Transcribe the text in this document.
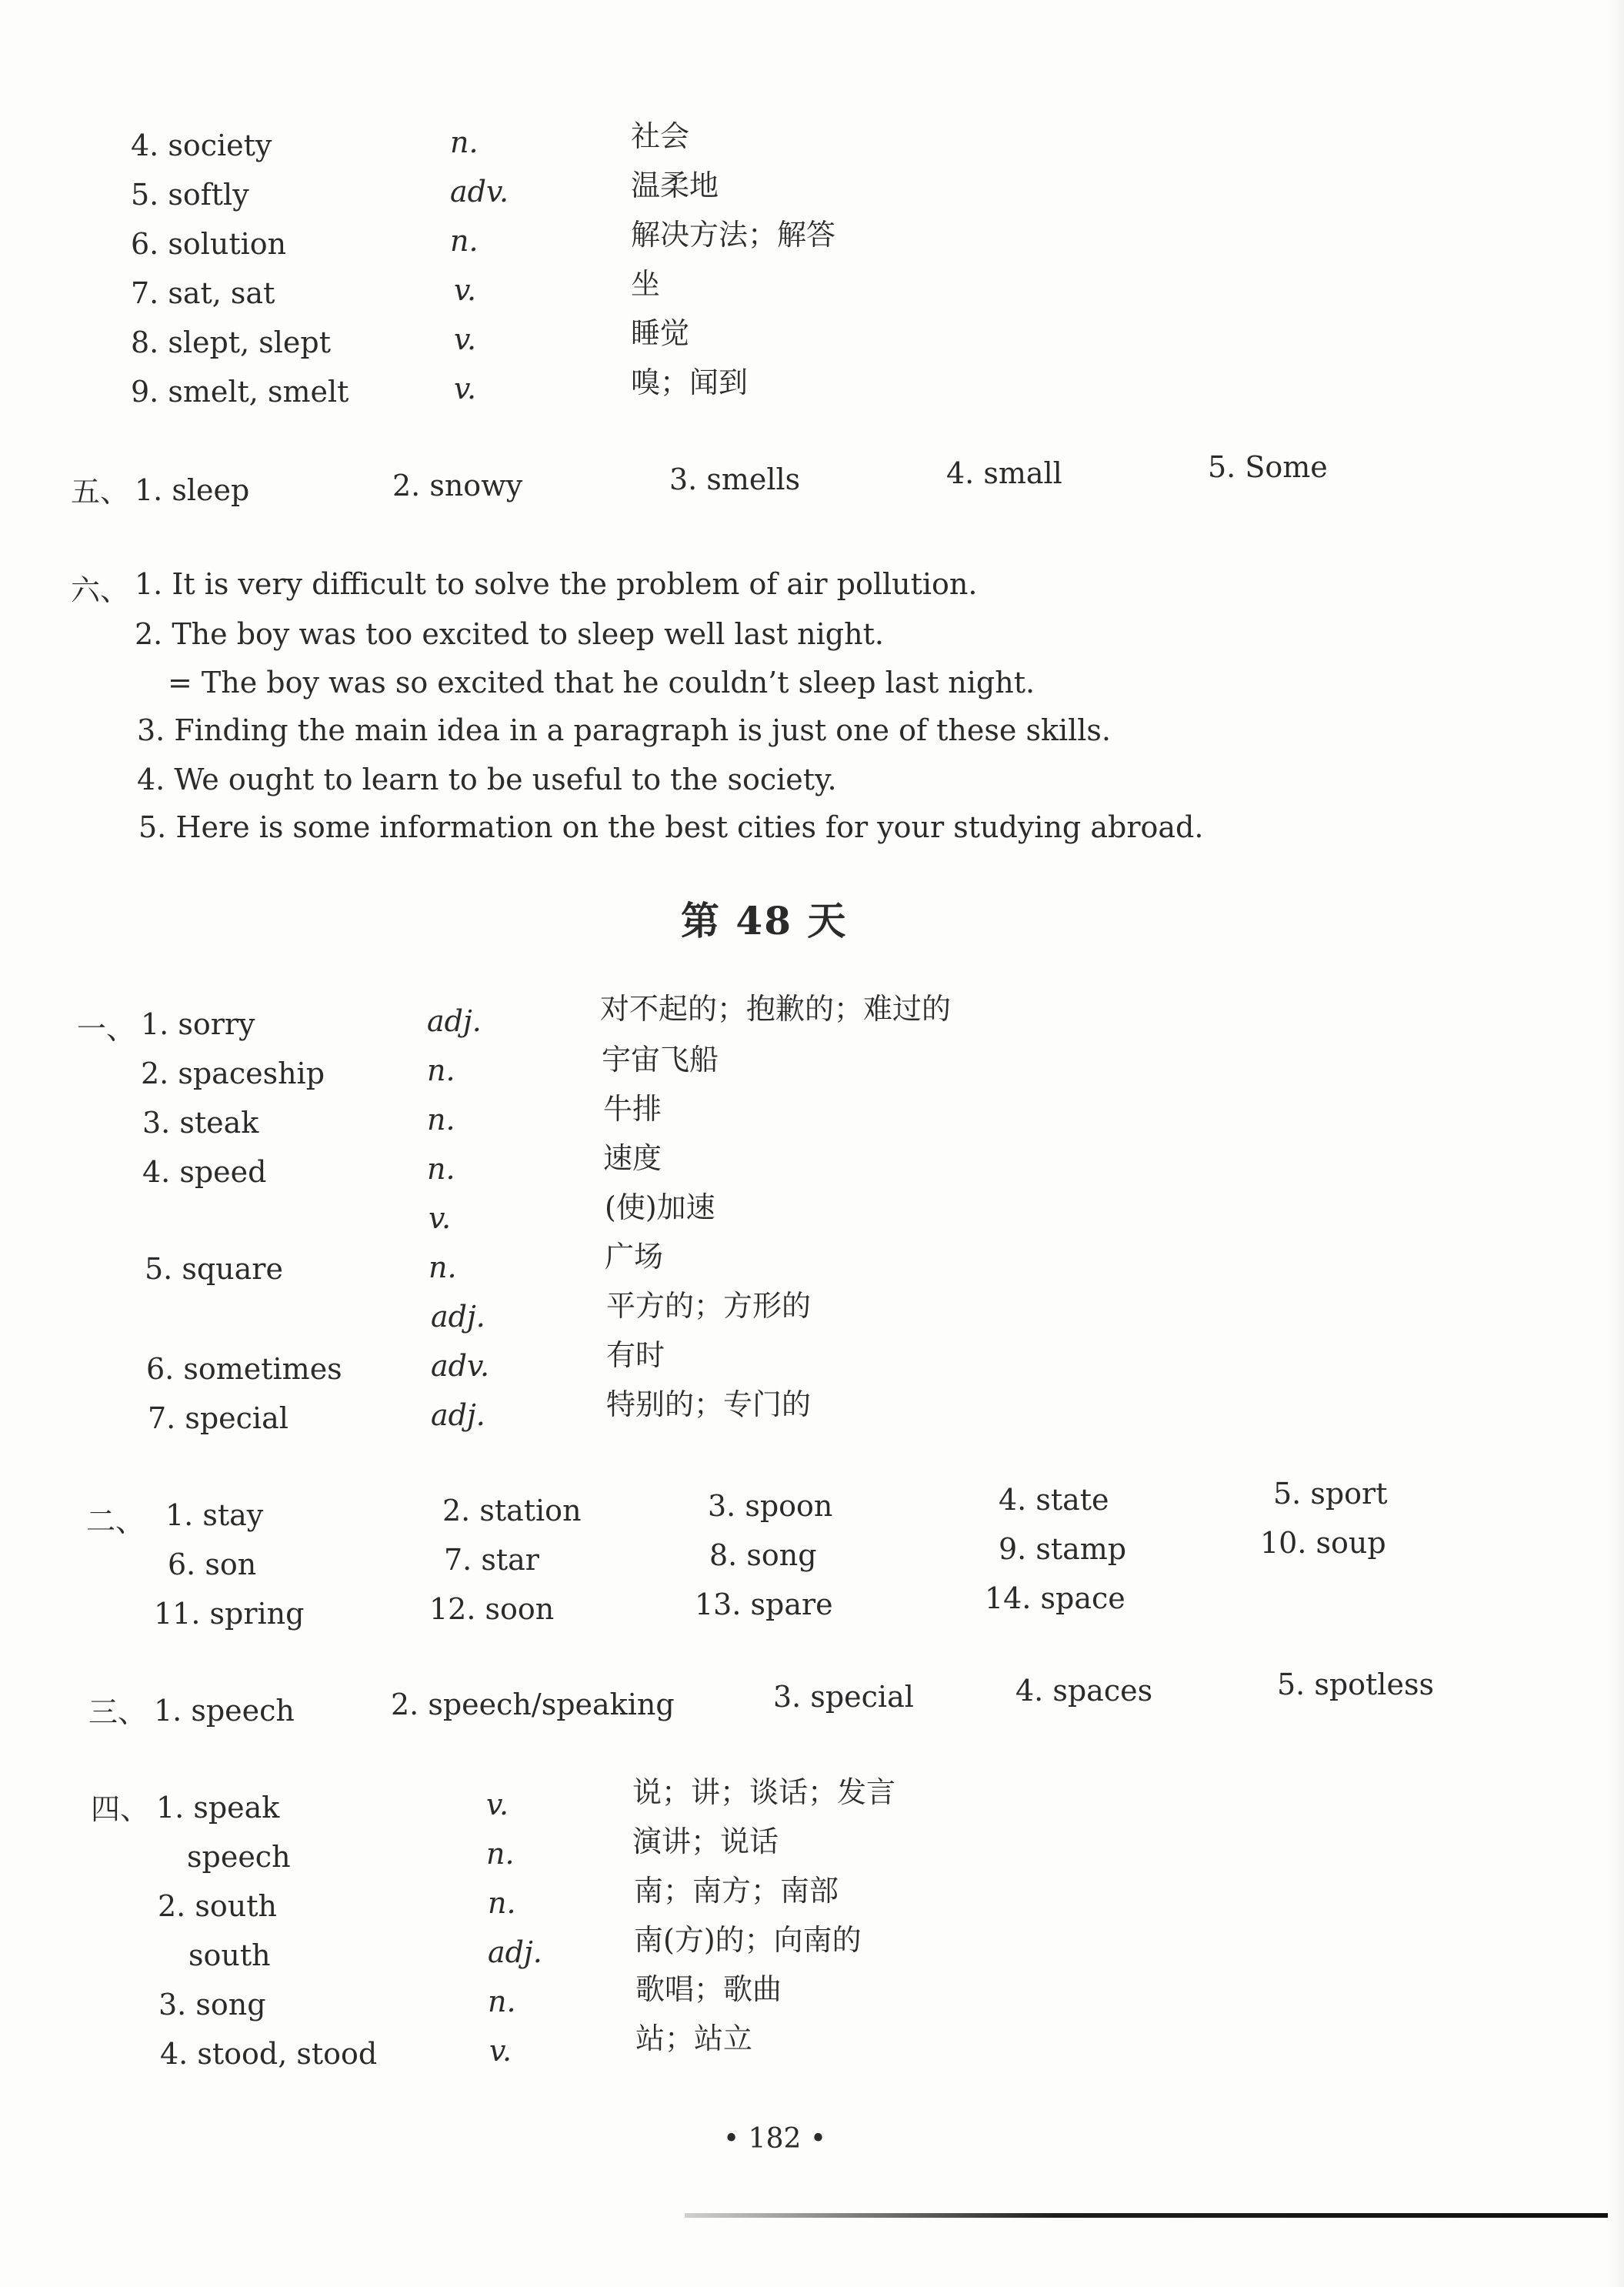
4. society	n.	社会
5. softly	adv.	温柔地
6. solution	n.	解决方法；解答
7. sat, sat	v.	坐
8. slept, slept	v.	睡觉
9. smelt, smelt	v.	嗅；闻到
五、 1. sleep	2. snowy	3. smells	4. small	5. Some
六、 1. It is very difficult to solve the problem of air pollution.
2. The boy was too excited to sleep well last night.
= The boy was so excited that he couldn’t sleep last night.
3. Finding the main idea in a paragraph is just one of these skills.
4. We ought to learn to be useful to the society.
5. Here is some information on the best cities for your studying abroad.
第 48 天
一、 1. sorry	adj.	对不起的；抱歉的；难过的
2. spaceship	n.	宇宙飞船
3. steak	n.	牛排
4. speed	n.	速度
v.	(使)加速
5. square	n.	广场
adj.	平方的；方形的
6. sometimes	adv.	有时
7. special	adj.	特别的；专门的
二、 1. stay	2. station	3. spoon	4. state	5. sport
6. son	7. star	8. song	9. stamp	10. soup
11. spring	12. soon	13. spare	14. space
三、 1. speech	2. speech/speaking	3. special	4. spaces	5. spotless
四、 1. speak	v.	说；讲；谈话；发言
speech	n.	演讲；说话
2. south	n.	南；南方；南部
south	adj.	南(方)的；向南的
3. song	n.	歌唱；歌曲
4. stood, stood	v.	站；站立
• 182 •
